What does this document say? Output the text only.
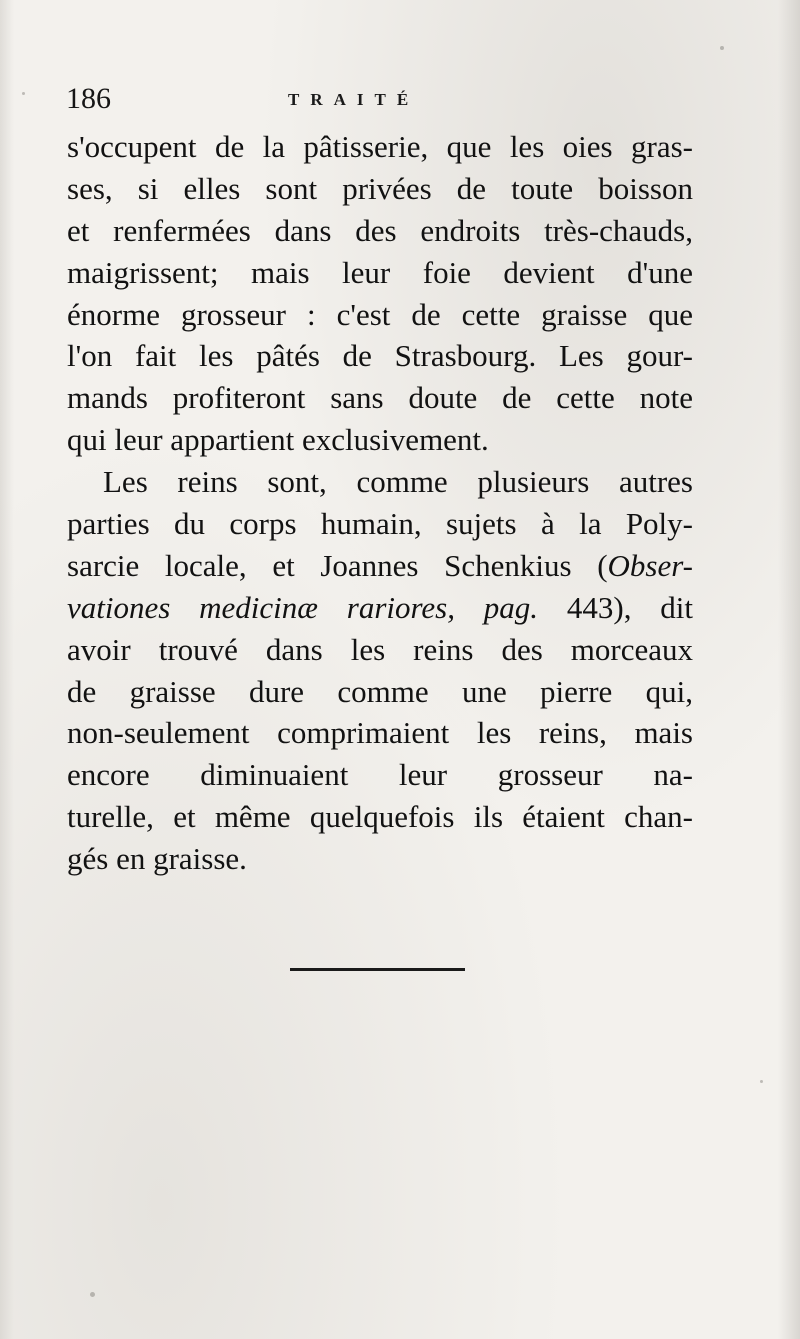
186	TRAITÉ
s'occupent de la pâtisserie, que les oies gras-
ses, si elles sont privées de toute boisson
et renfermées dans des endroits très-chauds,
maigrissent; mais leur foie devient d'une
énorme grosseur : c'est de cette graisse que
l'on fait les pâtés de Strasbourg. Les gour-
mands profiteront sans doute de cette note
qui leur appartient exclusivement.
Les reins sont, comme plusieurs autres
parties du corps humain, sujets à la Poly-
sarcie locale, et Joannes Schenkius (Obser-
vationes medicinæ rariores, pag. 443), dit
avoir trouvé dans les reins des morceaux
de graisse dure comme une pierre qui,
non-seulement comprimaient les reins, mais
encore diminuaient leur grosseur na-
turelle, et même quelquefois ils étaient chan-
gés en graisse.
